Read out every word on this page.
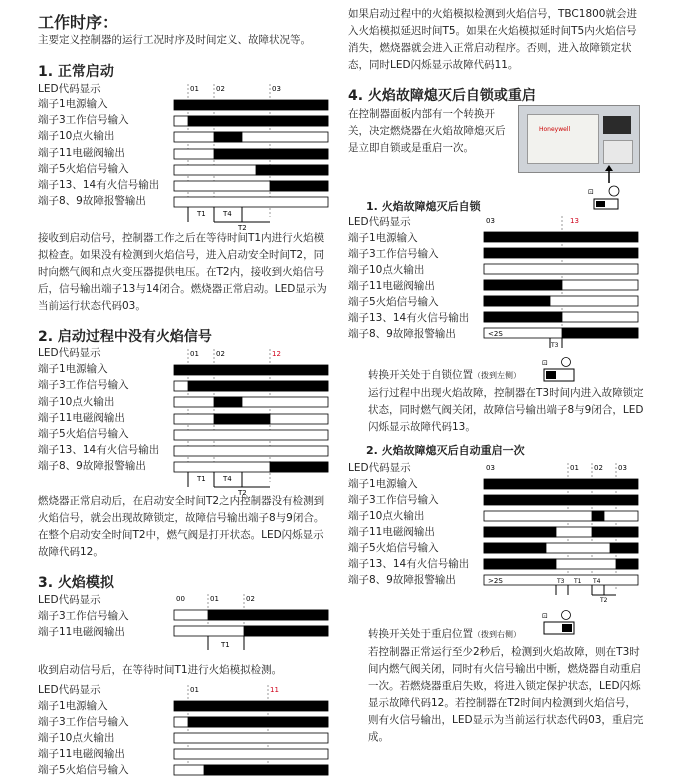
工作时序：
主要定义控制器的运行工况时序及时间定义、故障状况等。
1. 正常启动
LED代码显示
端子1电源输入
端子3工作信号输入
端子10点火输出
端子11电磁阀输出
端子5火焰信号输入
端子13、14有火信号输出
端子8、9故障报警输出
01 02	03
T1 T4
T2

接收到启动信号，控制器工作之后在等待时间T1内进行火焰模拟检查。如果没有检测到火焰信号，进入启动安全时间T2，同时向燃气阀和点火变压器提供电压。在T2内，接收到火焰信号后，信号输出端子13与14闭合。燃烧器正常启动。LED显示为当前运行状态代码03。

2. 启动过程中没有火焰信号
LED代码显示
端子1电源输入
端子3工作信号输入
端子10点火输出
端子11电磁阀输出
端子5火焰信号输入
端子13、14有火信号输出
端子8、9故障报警输出
01 02	12
T1 T4
T2

燃烧器正常启动后，在启动安全时间T2之内控制器没有检测到火焰信号，就会出现故障锁定，故障信号输出端子8与9闭合。在整个启动安全时间T2中，燃气阀是打开状态。LED闪烁显示故障代码12。

3. 火焰模拟
LED代码显示
端子3工作信号输入
端子11电磁阀输出
00	01	02
T1
收到启动信号后，在等待时间T1进行火焰模拟检测。
LED代码显示
端子1电源输入
端子3工作信号输入
端子10点火输出
端子11电磁阀输出
端子5火焰信号输入
01	11

如果启动过程中的火焰模拟检测到火焰信号，TBC1800就会进入火焰模拟延迟时间T5。如果在火焰模拟延时间T5内火焰信号消失，燃烧器就会进入正常启动程序。否则，进入故障锁定状态，同时LED闪烁显示故障代码11。

4. 火焰故障熄灭后自锁或重启

在控制器面板内部有一个转换开关，决定燃烧器在火焰故障熄灭后是立即自锁或是重启一次。

Honeywell
⊡
1. 火焰故障熄灭后自锁
LED代码显示
端子1电源输入
端子3工作信号输入
端子10点火输出
端子11电磁阀输出
端子5火焰信号输入
端子13、14有火信号输出
端子8、9故障报警输出
03	13
<2S
T3
转换开关处于自锁位置（拨到左侧）
⊡

运行过程中出现火焰故障，控制器在T3时间内进入故障锁定状态，同时燃气阀关闭，故障信号输出端子8与9闭合，LED闪烁显示故障代码13。

2. 火焰故障熄灭后自动重启一次
LED代码显示
端子1电源输入
端子3工作信号输入
端子10点火输出
端子11电磁阀输出
端子5火焰信号输入
端子13、14有火信号输出
端子8、9故障报警输出
03	01 02 03
>2S	T3 T1 T4
T2
转换开关处于重启位置（拨到右侧）
⊡

若控制器正常运行至少2秒后，检测到火焰故障，则在T3时间内燃气阀关闭，同时有火信号输出中断，燃烧器自动重启一次。若燃烧器重启失败，将进入锁定保护状态，LED闪烁显示故障代码12。若控制器在T2时间内检测到火焰信号，则有火信号输出，LED显示为当前运行状态代码03，重启完成。
